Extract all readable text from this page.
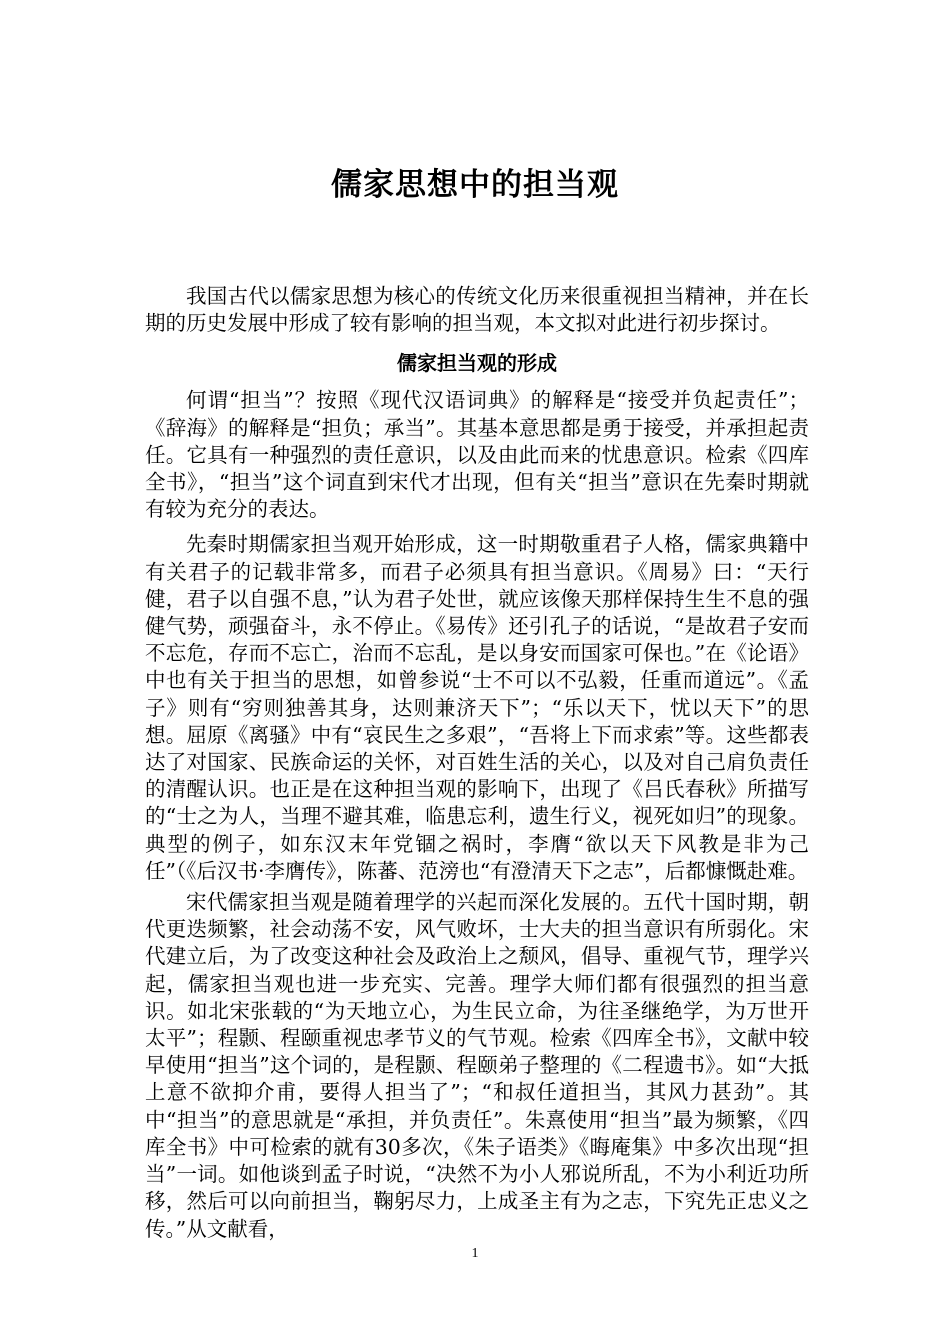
儒家思想中的担当观

我国古代以儒家思想为核心的传统文化历来很重视担当精神，并在长期的历史发展中形成了较有影响的担当观，本文拟对此进行初步探讨。

儒家担当观的形成

何谓“担当”？按照《现代汉语词典》的解释是“接受并负起责任”；《辞海》的解释是“担负；承当”。其基本意思都是勇于接受，并承担起责任。它具有一种强烈的责任意识，以及由此而来的忧患意识。检索《四库全书》，“担当”这个词直到宋代才出现，但有关“担当”意识在先秦时期就有较为充分的表达。

先秦时期儒家担当观开始形成，这一时期敬重君子人格，儒家典籍中有关君子的记载非常多，而君子必须具有担当意识。《周易》曰：“天行健，君子以自强不息，”认为君子处世，就应该像天那样保持生生不息的强健气势，顽强奋斗，永不停止。《易传》还引孔子的话说，“是故君子安而不忘危，存而不忘亡，治而不忘乱，是以身安而国家可保也。”在《论语》中也有关于担当的思想，如曾参说“士不可以不弘毅，任重而道远”。《孟子》则有“穷则独善其身，达则兼济天下”；“乐以天下，忧以天下”的思想。屈原《离骚》中有“哀民生之多艰”，“吾将上下而求索”等。这些都表达了对国家、民族命运的关怀，对百姓生活的关心，以及对自己肩负责任的清醒认识。也正是在这种担当观的影响下，出现了《吕氏春秋》所描写的“士之为人，当理不避其难，临患忘利，遗生行义，视死如归”的现象。典型的例子，如东汉末年党锢之祸时，李膺“欲以天下风教是非为己任”（《后汉书·李膺传》，陈蕃、范滂也“有澄清天下之志”，后都慷慨赴难。

宋代儒家担当观是随着理学的兴起而深化发展的。五代十国时期，朝代更迭频繁，社会动荡不安，风气败坏，士大夫的担当意识有所弱化。宋代建立后，为了改变这种社会及政治上之颓风，倡导、重视气节，理学兴起，儒家担当观也进一步充实、完善。理学大师们都有很强烈的担当意识。如北宋张载的“为天地立心，为生民立命，为往圣继绝学，为万世开太平”；程颢、程颐重视忠孝节义的气节观。检索《四库全书》，文献中较早使用“担当”这个词的，是程颢、程颐弟子整理的《二程遗书》。如“大抵上意不欲抑介甫，要得人担当了”；“和叔任道担当，其风力甚劲”。其中“担当”的意思就是“承担，并负责任”。朱熹使用“担当”最为频繁，《四库全书》中可检索的就有30多次，《朱子语类》《晦庵集》中多次出现“担当”一词。如他谈到孟子时说，“决然不为小人邪说所乱，不为小利近功所移，然后可以向前担当，鞠躬尽力，上成圣主有为之志，下究先正忠义之传。”从文献看，

1
